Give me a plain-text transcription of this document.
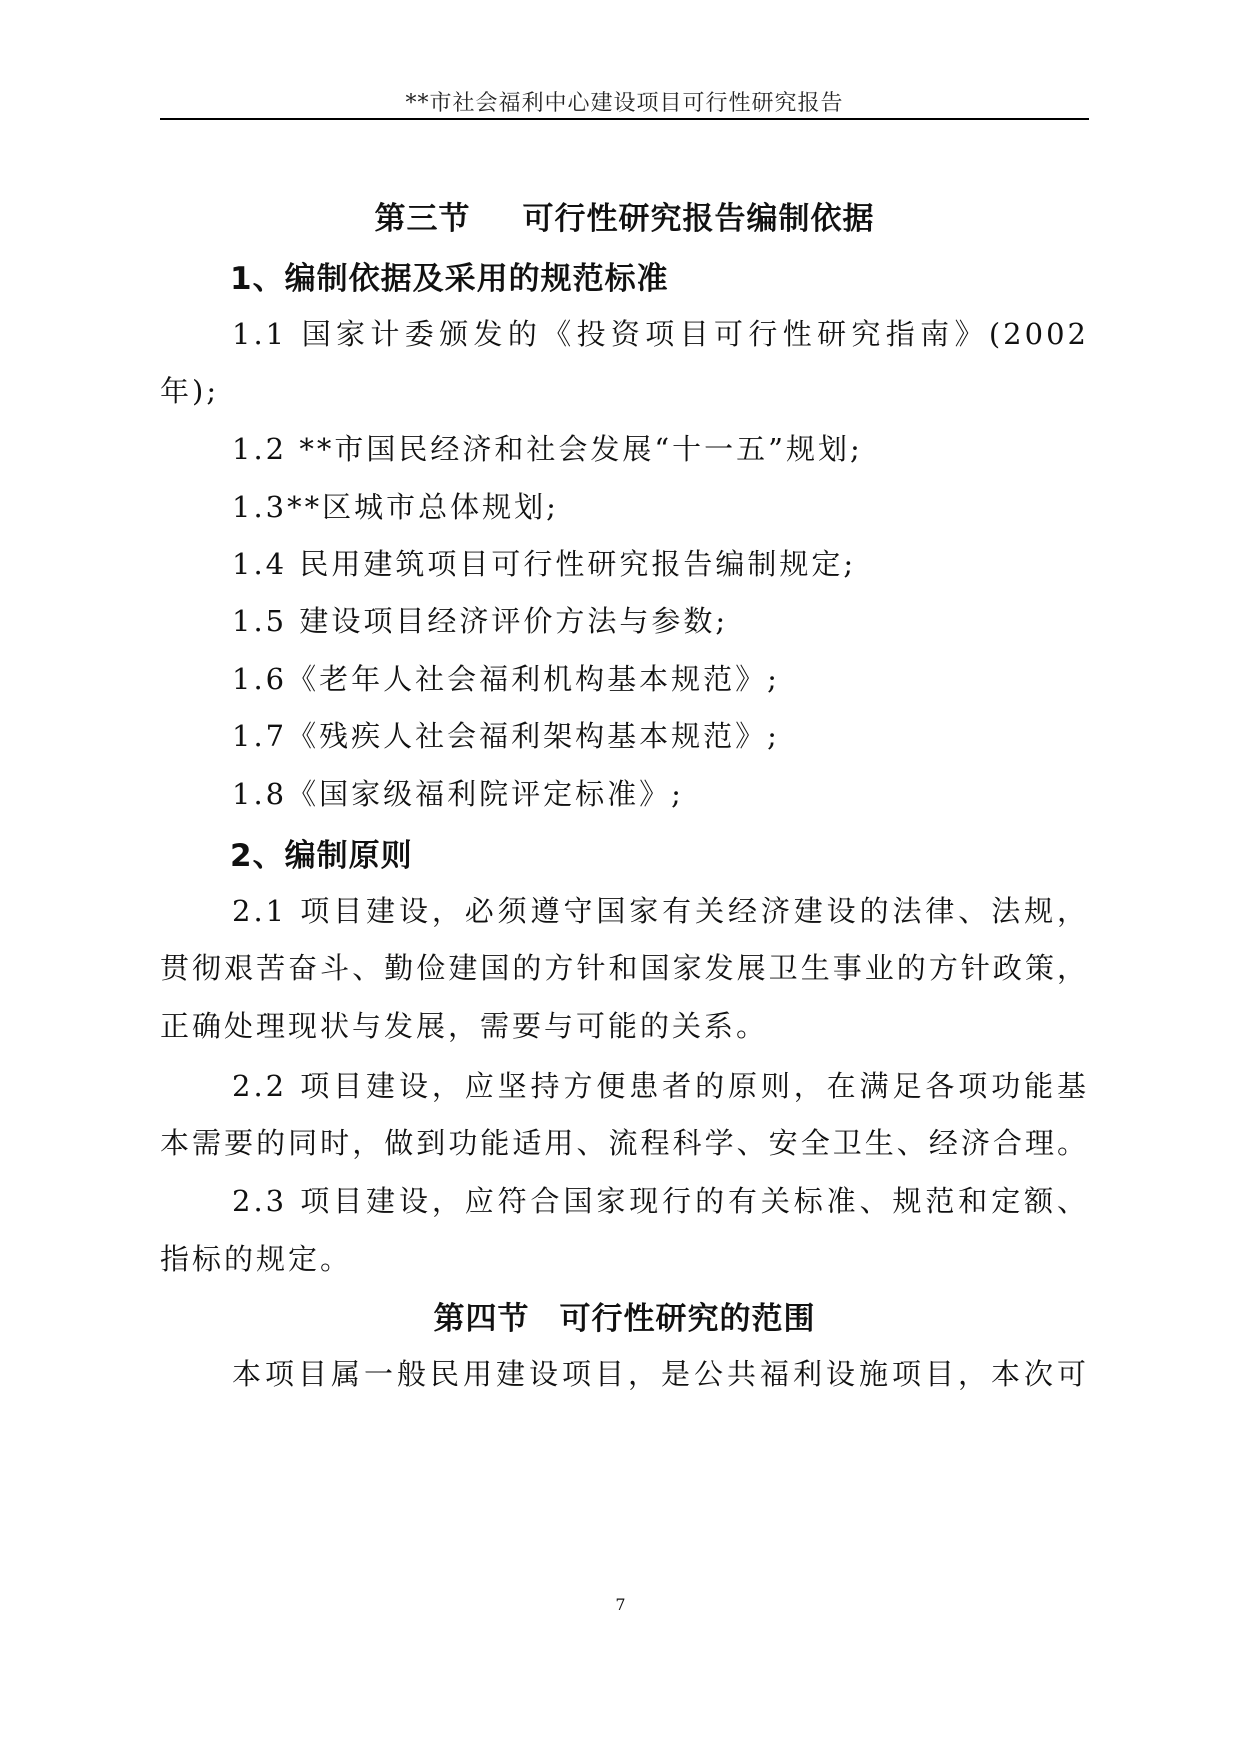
**市社会福利中心建设项目可行性研究报告
第三节 可行性研究报告编制依据
1、编制依据及采用的规范标准
1.1 国家计委颁发的《投资项目可行性研究指南》(2002
年);
1.2 **市国民经济和社会发展“十一五”规划;
1.3**区城市总体规划;
1.4 民用建筑项目可行性研究报告编制规定;
1.5 建设项目经济评价方法与参数;
1.6《老年人社会福利机构基本规范》;
1.7《残疾人社会福利架构基本规范》;
1.8《国家级福利院评定标准》;
2、编制原则
2.1 项目建设，必须遵守国家有关经济建设的法律、法规，
贯彻艰苦奋斗、勤俭建国的方针和国家发展卫生事业的方针政策，
正确处理现状与发展，需要与可能的关系。
2.2 项目建设，应坚持方便患者的原则，在满足各项功能基
本需要的同时，做到功能适用、流程科学、安全卫生、经济合理。
2.3 项目建设，应符合国家现行的有关标准、规范和定额、
指标的规定。
第四节 可行性研究的范围
本项目属一般民用建设项目，是公共福利设施项目，本次可
7
